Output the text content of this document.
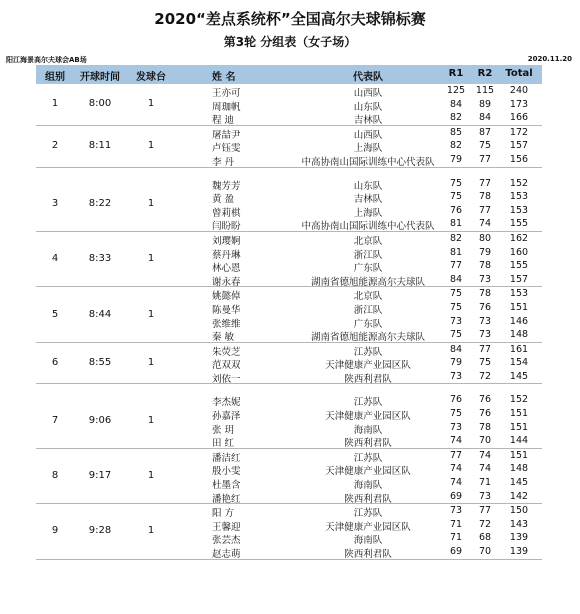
2020“差点系统杯”全国高尔夫球锦标赛
第3轮 分组表（女子场）
阳江海景高尔夫球会AB场	2020.11.20
组别 开球时间 发球台	姓 名	代表队	R1 R2 Total
1	8:00	1
王亦可	山西队	125 115 240
周珈帆	山东队	84 89 173
程 迪	吉林队	82 84 166
2	8:11	1
屠喆尹	山西队	85 87 172
卢钰雯	上海队	82 75 157
李 丹	中高协南山国际训练中心代表队 79 77 156
3	8:22	1
魏芳芳	山东队	75 77 152
黄 盈	吉林队	75 78 153
曾莉棋	上海队	76 77 153
闫盼盼	中高协南山国际训练中心代表队 81 74 155
4	8:33	1
刘璎婀	北京队	82 80 162
蔡丹琳	浙江队	81 79 160
林心恩	广东队	77 78 155
谢永春	湖南省德旭能源高尔夫球队	84 73 157
5	8:44	1
姚懿倬	北京队	75 78 153
陈曼华	浙江队	75 76 151
张维维	广东队	73 73 146
秦 敏	湖南省德旭能源高尔夫球队	75 73 148
6	8:55	1
朱荧芝	江苏队	84 77 161
范双双	天津健康产业园区队	79 75 154
刘依一	陕西利君队	73 72 145
7	9:06	1
李杰妮	江苏队	76 76 152
孙嘉泽	天津健康产业园区队	75 76 151
张 玥	海南队	73 78 151
田 红	陕西利君队	74 70 144
8	9:17	1
潘洁红	江苏队	77 74 151
殷小雯	天津健康产业园区队	74 74 148
杜墨含	海南队	74 71 145
潘艳红	陕西利君队	69 73 142
9	9:28	1
阳 方	江苏队	73 77 150
王馨迎	天津健康产业园区队	71 72 143
张芸杰	海南队	71 68 139
赵志萌	陕西利君队	69 70 139
